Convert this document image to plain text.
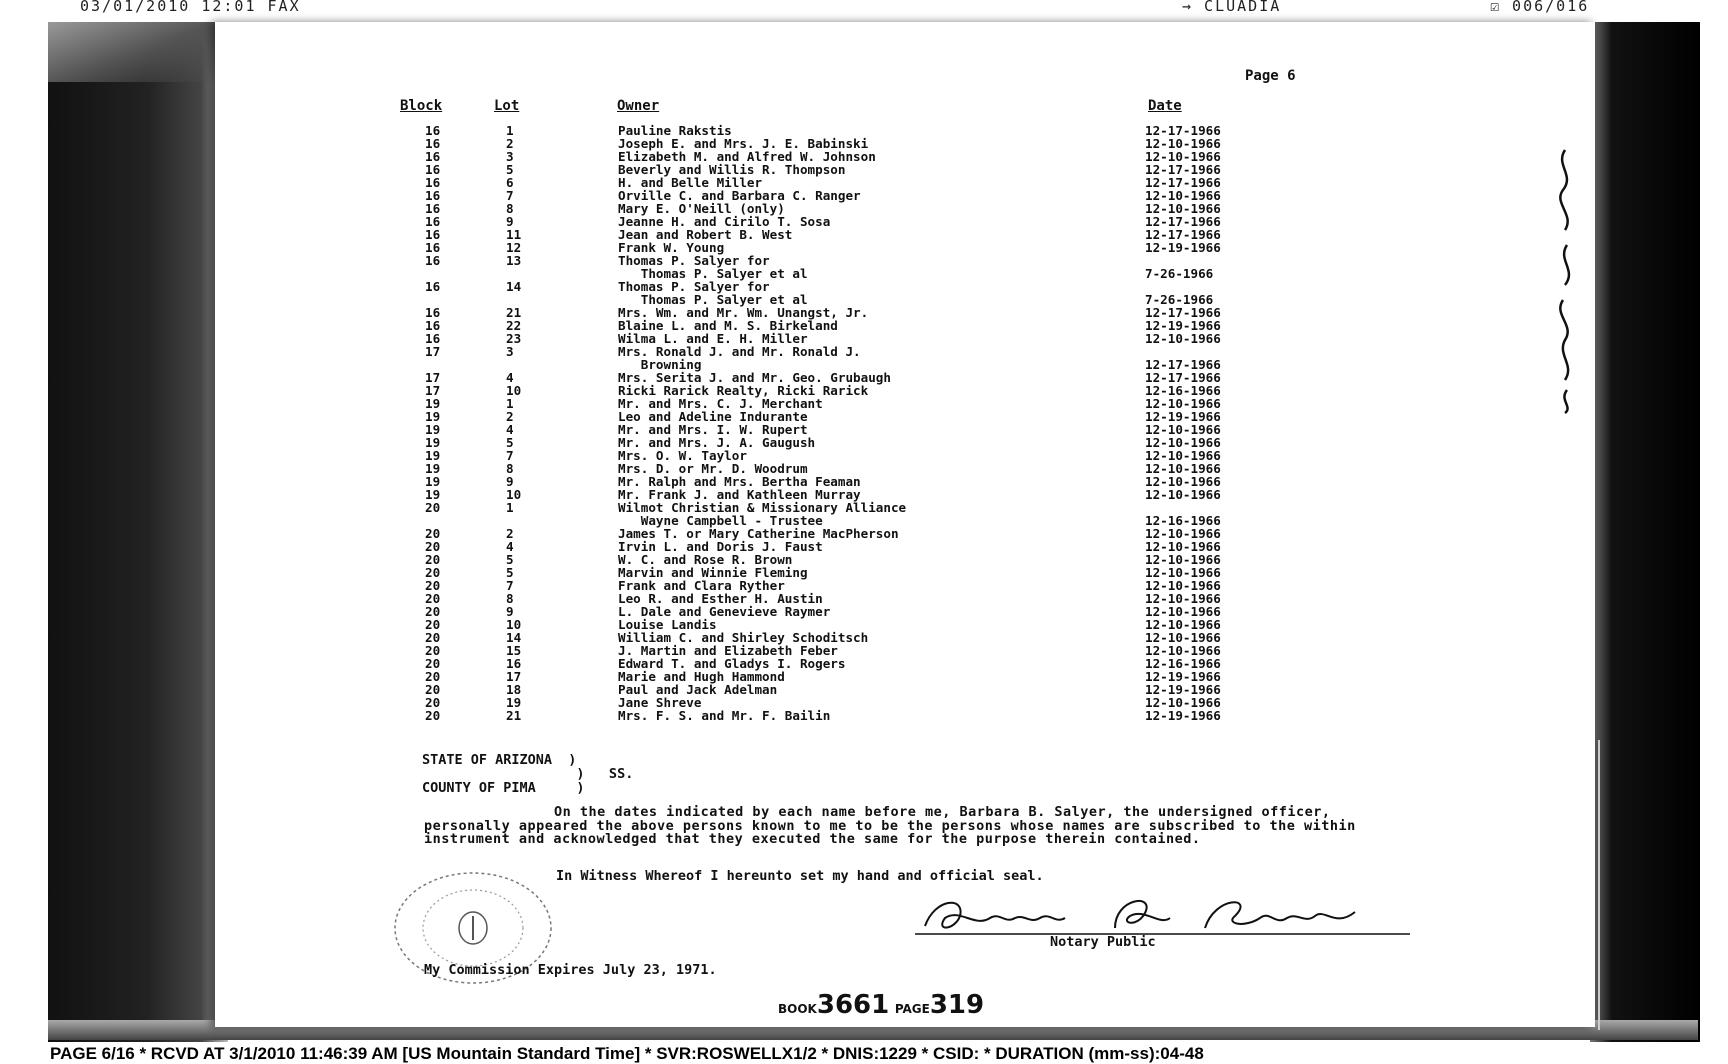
03/01/2010 12:01 FAX	→ CLUADIA	☑ 006/016
Page 6
Block	Lot	Owner	Date
16	1	Pauline Rakstis	12-17-1966
16	2	Joseph E. and Mrs. J. E. Babinski	12-10-1966
16	3	Elizabeth M. and Alfred W. Johnson	12-10-1966
16	5	Beverly and Willis R. Thompson	12-17-1966
16	6	H. and Belle Miller	12-17-1966
16	7	Orville C. and Barbara C. Ranger	12-10-1966
16	8	Mary E. O'Neill (only)	12-10-1966
16	9	Jeanne H. and Cirilo T. Sosa	12-17-1966
16	11	Jean and Robert B. West	12-17-1966
16	12	Frank W. Young	12-19-1966
16	13	Thomas P. Salyer for
Thomas P. Salyer et al	7-26-1966
16	14	Thomas P. Salyer for
Thomas P. Salyer et al	7-26-1966
16	21	Mrs. Wm. and Mr. Wm. Unangst, Jr.	12-17-1966
16	22	Blaine L. and M. S. Birkeland	12-19-1966
16	23	Wilma L. and E. H. Miller	12-10-1966
17	3	Mrs. Ronald J. and Mr. Ronald J.
Browning	12-17-1966
17	4	Mrs. Serita J. and Mr. Geo. Grubaugh	12-17-1966
17	10	Ricki Rarick Realty, Ricki Rarick	12-16-1966
19	1	Mr. and Mrs. C. J. Merchant	12-10-1966
19	2	Leo and Adeline Indurante	12-19-1966
19	4	Mr. and Mrs. I. W. Rupert	12-10-1966
19	5	Mr. and Mrs. J. A. Gaugush	12-10-1966
19	7	Mrs. O. W. Taylor	12-10-1966
19	8	Mrs. D. or Mr. D. Woodrum	12-10-1966
19	9	Mr. Ralph and Mrs. Bertha Feaman	12-10-1966
19	10	Mr. Frank J. and Kathleen Murray	12-10-1966
20	1	Wilmot Christian & Missionary Alliance
Wayne Campbell - Trustee	12-16-1966
20	2	James T. or Mary Catherine MacPherson	12-10-1966
20	4	Irvin L. and Doris J. Faust	12-10-1966
20	5	W. C. and Rose R. Brown	12-10-1966
20	5	Marvin and Winnie Fleming	12-10-1966
20	7	Frank and Clara Ryther	12-10-1966
20	8	Leo R. and Esther H. Austin	12-10-1966
20	9	L. Dale and Genevieve Raymer	12-10-1966
20	10	Louise Landis	12-10-1966
20	14	William C. and Shirley Schoditsch	12-10-1966
20	15	J. Martin and Elizabeth Feber	12-10-1966
20	16	Edward T. and Gladys I. Rogers	12-16-1966
20	17	Marie and Hugh Hammond	12-19-1966
20	18	Paul and Jack Adelman	12-19-1966
20	19	Jane Shreve	12-10-1966
20	21	Mrs. F. S. and Mr. F. Bailin	12-19-1966
STATE OF ARIZONA  )
)   SS.
COUNTY OF PIMA     )
On the dates indicated by each name before me, Barbara B. Salyer, the undersigned officer, personally appeared the above persons known to me to be the persons whose names are subscribed to the within instrument and acknowledged that they executed the same for the purpose therein contained.
In Witness Whereof I hereunto set my hand and official seal.
Notary Public
My Commission Expires July 23, 1971.
BOOK3661 PAGE319
PAGE 6/16 * RCVD AT 3/1/2010 11:46:39 AM [US Mountain Standard Time] * SVR:ROSWELLX1/2 * DNIS:1229 * CSID: * DURATION (mm-ss):04-48
